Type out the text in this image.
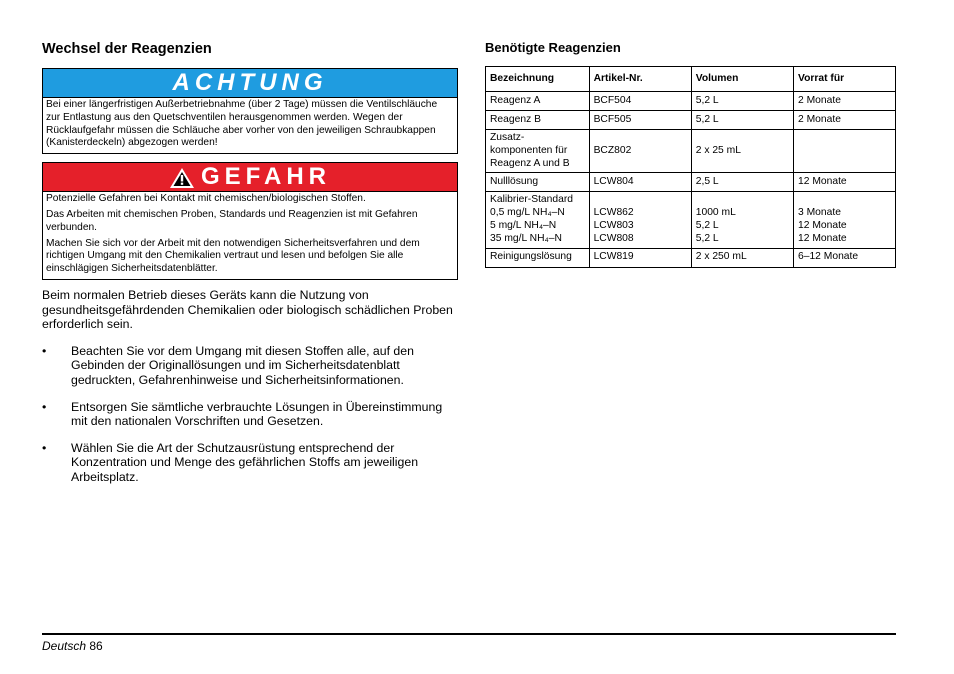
Wechsel der Reagenzien
ACHTUNG

Bei einer längerfristigen Außerbetriebnahme (über 2 Tage) müssen die Ventilschläuche zur Entlastung aus den Quetschventilen herausgenommen werden. Wegen der Rücklaufgefahr müssen die Schläuche aber vorher von den jeweiligen Schraubkappen (Kanisterdeckeln) abgezogen werden!

GEFAHR

Potenzielle Gefahren bei Kontakt mit chemischen/biologischen Stoffen.

Das Arbeiten mit chemischen Proben, Standards und Reagenzien ist mit Gefahren verbunden.

Machen Sie sich vor der Arbeit mit den notwendigen Sicherheitsverfahren und dem richtigen Umgang mit den Chemikalien vertraut und lesen und befolgen Sie alle einschlägigen Sicherheitsdatenblätter.

Beim normalen Betrieb dieses Geräts kann die Nutzung von gesundheitsgefährdenden Chemikalien oder biologisch schädlichen Proben erforderlich sein.

• Beachten Sie vor dem Umgang mit diesen Stoffen alle, auf den Gebinden der Originallösungen und im Sicherheitsdatenblatt gedruckten, Gefahrenhinweise und Sicherheitsinformationen.
• Entsorgen Sie sämtliche verbrauchte Lösungen in Übereinstimmung mit den nationalen Vorschriften und Gesetzen.
• Wählen Sie die Art der Schutzausrüstung entsprechend der Konzentration und Menge des gefährlichen Stoffs am jeweiligen Arbeitsplatz.
Benötigte Reagenzien
Bezeichnung	Artikel-Nr.	Volumen	Vorrat für

Reagenz A	BCF504	5,2 L	2 Monate

Reagenz B	BCF505	5,2 L	2 Monate

Zusatz-
komponenten für
Reagenz A und B	BCZ802	2 x 25 mL	

Nulllösung	LCW804	2,5 L	12 Monate

Kalibrier-Standard
0,5 mg/L NH₄–N
5 mg/L NH₄–N
35 mg/L NH₄–N	LCW862
LCW803
LCW808	1000 mL
5,2 L
5,2 L	3 Monate
12 Monate
12 Monate

Reinigungslösung	LCW819	2 x 250 mL	6–12 Monate
Deutsch 86
